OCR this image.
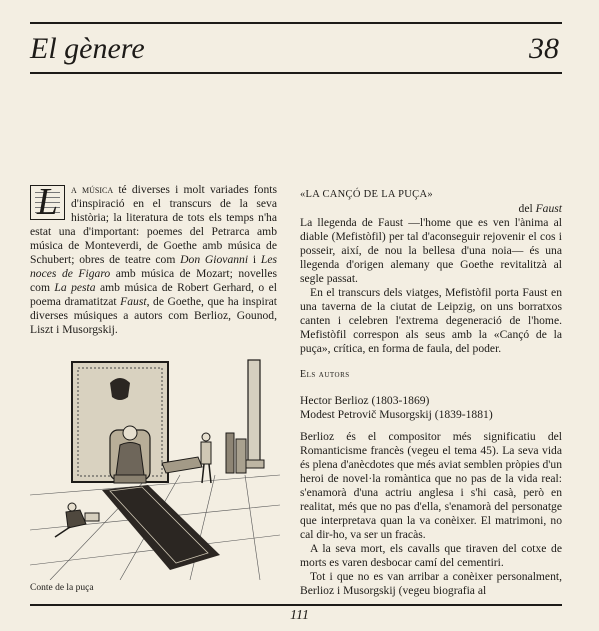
El gènere	38
L	a música té diverses i molt variades fonts d'inspiració en el transcurs de la seva història; la literatura de tots els temps n'ha estat una d'important: poemes del Petrarca amb música de Monteverdi, de Goethe amb música de Schubert; obres de teatre com Don Giovanni i Les noces de Figaro amb música de Mozart; novelles com La pesta amb música de Robert Gerhard, o el poema dramatitzat Faust, de Goethe, que ha inspirat diverses músiques a autors com Berlioz, Gounod, Liszt i Musorgskij.
Conte de la puça
«LA CANÇÓ DE LA PUÇA»

del Faust

La llegenda de Faust —l'home que es ven l'ànima al diable (Mefistòfil) per tal d'aconseguir rejovenir el cos i posseir, així, de nou la bellesa d'una noia— és una llegenda d'origen alemany que Goethe revitalitzà al segle passat.

En el transcurs dels viatges, Mefistòfil porta Faust en una taverna de la ciutat de Leipzig, on uns borratxos canten i celebren l'extrema degeneració de l'home. Mefistòfil correspon als seus amb la «Cançó de la puça», crítica, en forma de faula, del poder.

Els autors

Hector Berlioz (1803-1869)

Modest Petrovič Musorgskij (1839-1881)

Berlioz és el compositor més significatiu del Romanticisme francès (vegeu el tema 45). La seva vida és plena d'anècdotes que més aviat semblen pròpies d'un heroi de novel·la romàntica que no pas de la vida real: s'enamorà d'una actriu anglesa i s'hi casà, però en realitat, més que no pas d'ella, s'enamorà del personatge que interpretava quan la va conèixer. El matrimoni, no cal dir-ho, va ser un fracàs.

A la seva mort, els cavalls que tiraven del cotxe de morts es varen desbocar camí del cementiri.

Tot i que no es van arribar a conèixer personalment, Berlioz i Musorgskij (vegeu biografia al

111
